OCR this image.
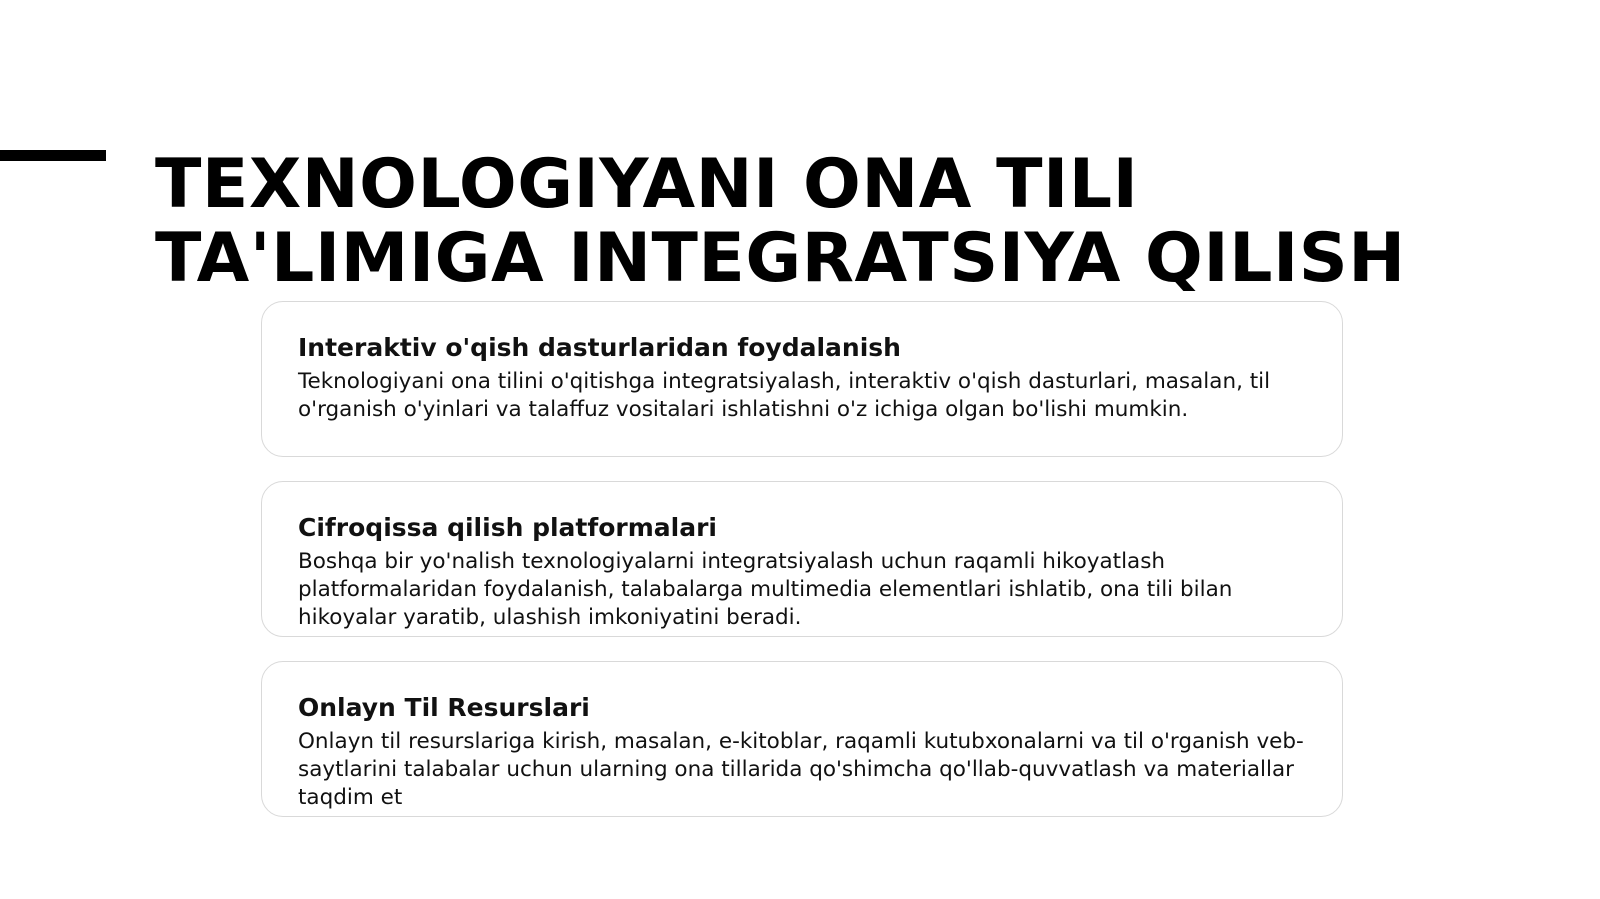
TEXNOLOGIYANI ONA TILI
TA'LIMIGA INTEGRATSIYA QILISH
Interaktiv o'qish dasturlaridan foydalanish

Teknologiyani ona tilini o'qitishga integratsiyalash, interaktiv o'qish dasturlari, masalan, til o'rganish o'yinlari va talaffuz vositalari ishlatishni o'z ichiga olgan bo'lishi mumkin.

Cifroqissa qilish platformalari

Boshqa bir yo'nalish texnologiyalarni integratsiyalash uchun raqamli hikoyatlash platformalaridan foydalanish, talabalarga multimedia elementlari ishlatib, ona tili bilan hikoyalar yaratib, ulashish imkoniyatini beradi.

Onlayn Til Resurslari

Onlayn til resurslariga kirish, masalan, e-kitoblar, raqamli kutubxonalarni va til o'rganish veb-saytlarini talabalar uchun ularning ona tillarida qo'shimcha qo'llab-quvvatlash va materiallar taqdim et
